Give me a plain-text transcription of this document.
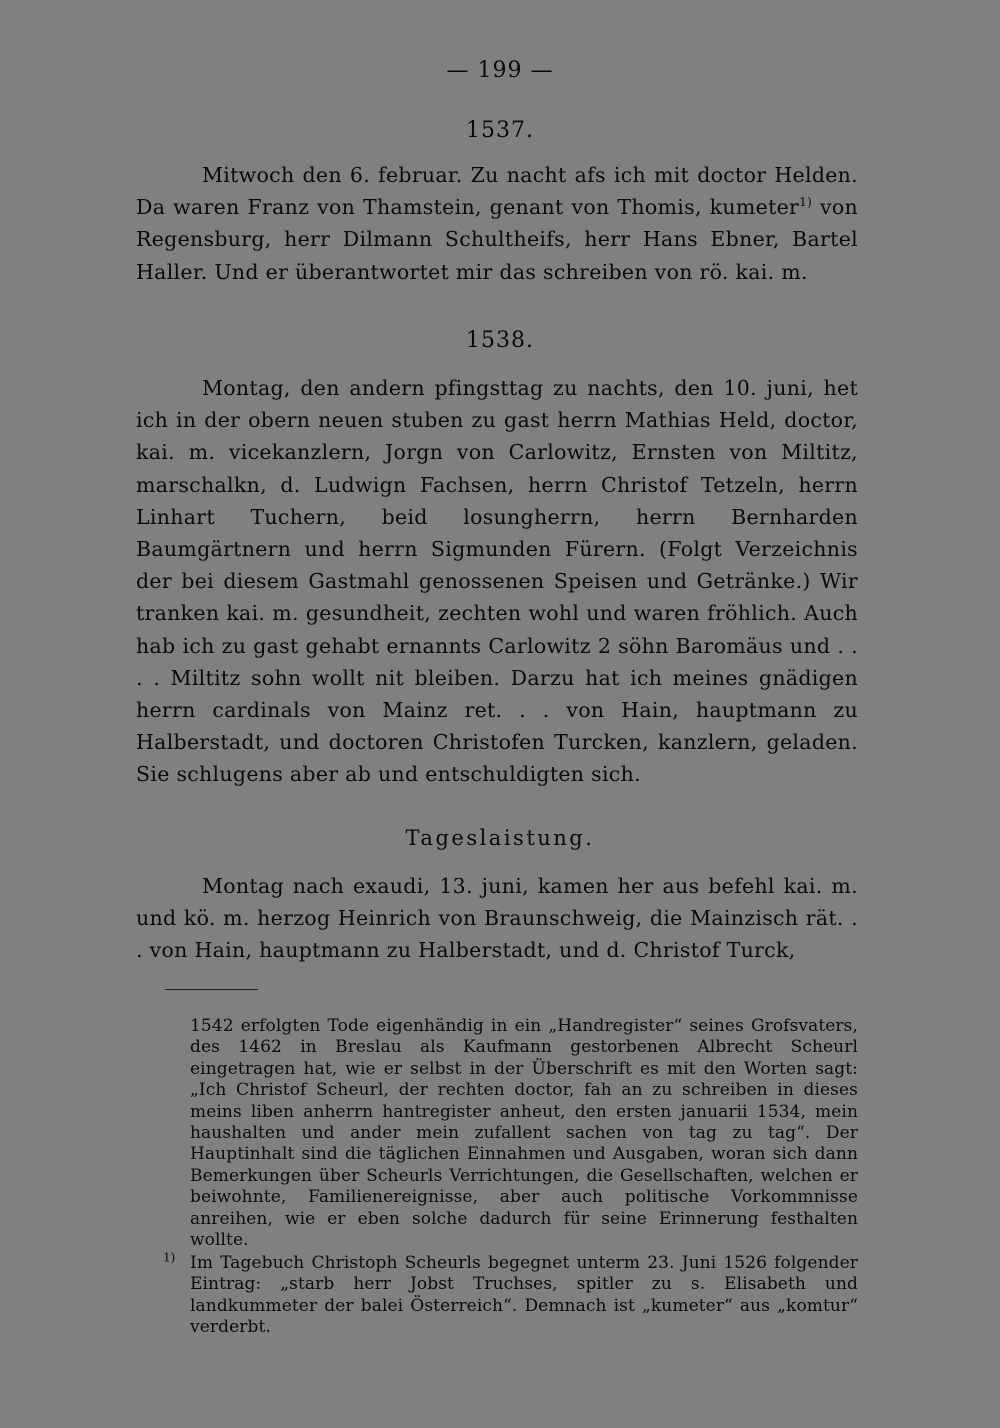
— 199 —
1537.

Mitwoch den 6. februar. Zu nacht afs ich mit doctor Helden. Da waren Franz von Thamstein, genant von Thomis, kumeter$^{1)}$ von Regensburg, herr Dilmann Schultheifs, herr Hans Ebner, Bartel Haller. Und er überantwortet mir das schreiben von rö. kai. m.

1538.

Montag, den andern pfingsttag zu nachts, den 10. juni, het ich in der obern neuen stuben zu gast herrn Mathias Held, doctor, kai. m. vicekanzlern, Jorgn von Carlowitz, Ernsten von Miltitz, marschalkn, d. Ludwign Fachsen, herrn Christof Tetzeln, herrn Linhart Tuchern, beid losungherrn, herrn Bernharden Baumgärtnern und herrn Sigmunden Fürern. (Folgt Verzeichnis der bei diesem Gastmahl genossenen Speisen und Getränke.) Wir tranken kai. m. gesundheit, zechten wohl und waren fröhlich. Auch hab ich zu gast gehabt ernannts Carlowitz 2 söhn Baromäus und . . . . Miltitz sohn wollt nit bleiben. Darzu hat ich meines gnädigen herrn cardinals von Mainz ret. . . von Hain, hauptmann zu Halberstadt, und doctoren Christofen Turcken, kanzlern, geladen. Sie schlugens aber ab und entschuldigten sich.

Tageslaistung.

Montag nach exaudi, 13. juni, kamen her aus befehl kai. m. und kö. m. herzog Heinrich von Braunschweig, die Mainzisch rät. . . von Hain, hauptmann zu Halberstadt, und d. Christof Turck,

1542 erfolgten Tode eigenhändig in ein „Handregister“ seines Grofsvaters, des 1462 in Breslau als Kaufmann gestorbenen Albrecht Scheurl eingetragen hat, wie er selbst in der Überschrift es mit den Worten sagt: „Ich Christof Scheurl, der rechten doctor, fah an zu schreiben in dieses meins liben anherrn hantregister anheut, den ersten januarii 1534, mein haushalten und ander mein zufallent sachen von tag zu tag“. Der Hauptinhalt sind die täglichen Einnahmen und Ausgaben, woran sich dann Bemerkungen über Scheurls Verrichtungen, die Gesellschaften, welchen er beiwohnte, Familienereignisse, aber auch politische Vorkommnisse anreihen, wie er eben solche dadurch für seine Erinnerung festhalten wollte.

$^{1)}$ Im Tagebuch Christoph Scheurls begegnet unterm 23. Juni 1526 folgender Eintrag: „starb herr Jobst Truchses, spitler zu s. Elisabeth und landkummeter der balei Österreich“. Demnach ist „kumeter“ aus „komtur“ verderbt.
